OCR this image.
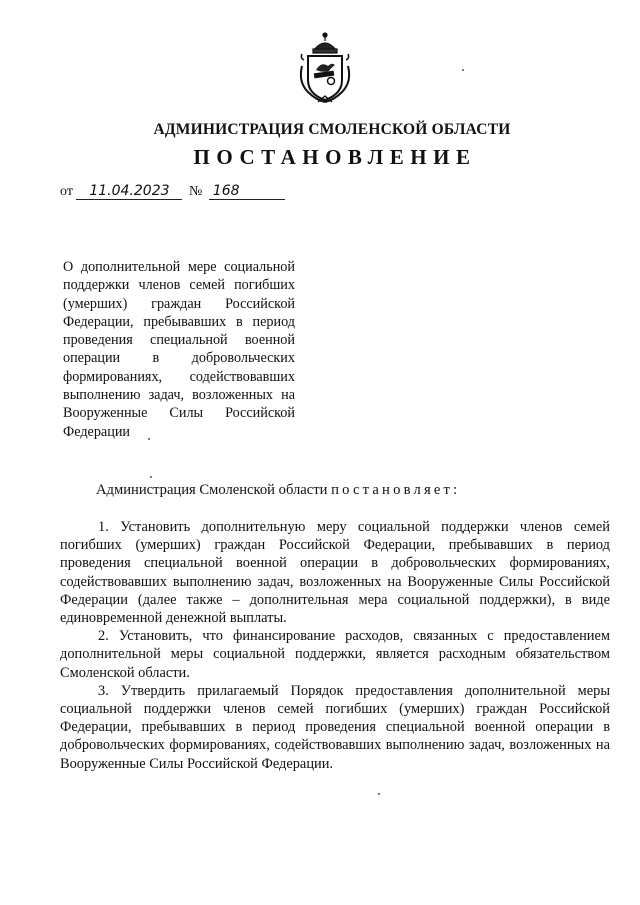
АДМИНИСТРАЦИЯ СМОЛЕНСКОЙ ОБЛАСТИ
ПОСТАНОВЛЕНИЕ
от 11.04.2023 № 168
О дополнительной мере социальной поддержки членов семей погибших (умерших) граждан Российской Федерации, пребывавших в период проведения специальной военной операции в добровольческих формированиях, содействовавших выполнению задач, возложенных на Вооруженные Силы Российской Федерации
Администрация Смоленской области постановляет:

1. Установить дополнительную меру социальной поддержки членов семей погибших (умерших) граждан Российской Федерации, пребывавших в период проведения специальной военной операции в добровольческих формированиях, содействовавших выполнению задач, возложенных на Вооруженные Силы Российской Федерации (далее также – дополнительная мера социальной поддержки), в виде единовременной денежной выплаты.

2. Установить, что финансирование расходов, связанных с предоставлением дополнительной меры социальной поддержки, является расходным обязательством Смоленской области.

3. Утвердить прилагаемый Порядок предоставления дополнительной меры социальной поддержки членов семей погибших (умерших) граждан Российской Федерации, пребывавших в период проведения специальной военной операции в добровольческих формированиях, содействовавших выполнению задач, возложенных на Вооруженные Силы Российской Федерации.
